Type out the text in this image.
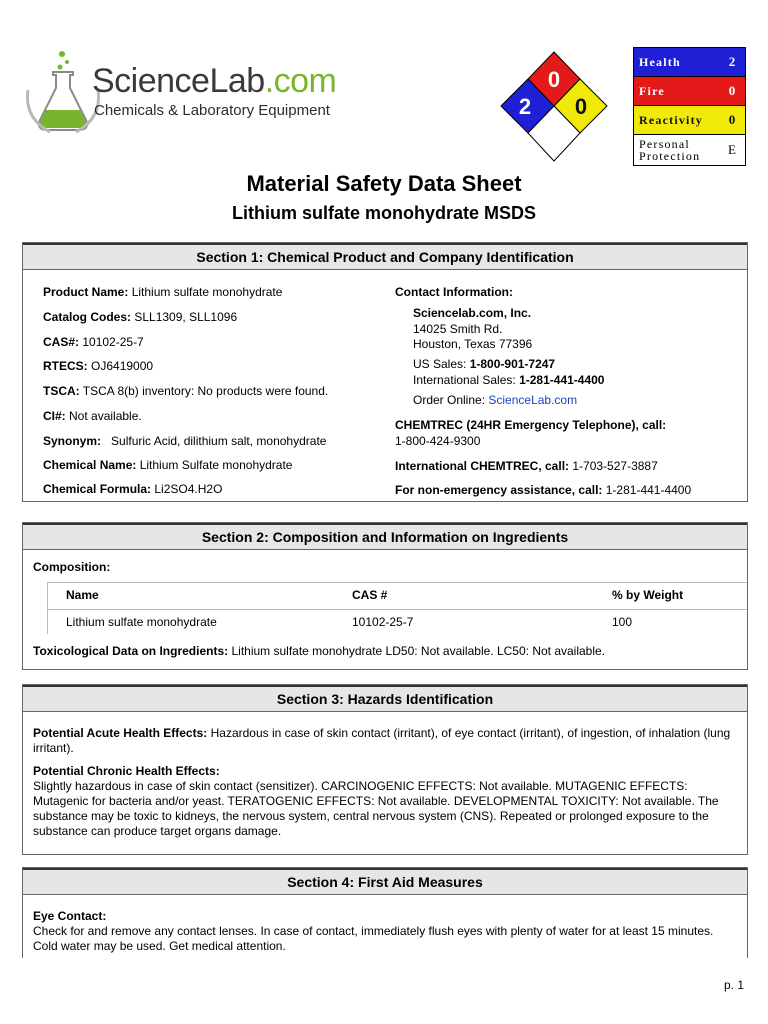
ScienceLab.com
Chemicals & Laboratory Equipment
0
2 0
Health	2
Fire	0
Reactivity	0
Personal
Protection	E
Material Safety Data Sheet
Lithium sulfate monohydrate MSDS
Section 1: Chemical Product and Company Identification
Product Name: Lithium sulfate monohydrate
Catalog Codes: SLL1309, SLL1096
CAS#: 10102-25-7
RTECS: OJ6419000
TSCA: TSCA 8(b) inventory: No products were found.
CI#: Not available.
Synonym:   Sulfuric Acid, dilithium salt, monohydrate
Chemical Name: Lithium Sulfate monohydrate
Chemical Formula: Li2SO4.H2O
Contact Information:
Sciencelab.com, Inc.
14025 Smith Rd.
Houston, Texas 77396
US Sales: 1-800-901-7247
International Sales: 1-281-441-4400
Order Online: ScienceLab.com
CHEMTREC (24HR Emergency Telephone), call:
1-800-424-9300
International CHEMTREC, call: 1-703-527-3887
For non-emergency assistance, call: 1-281-441-4400
Section 2: Composition and Information on Ingredients
Composition:
Name	CAS #	% by Weight
Lithium sulfate monohydrate	10102-25-7	100
Toxicological Data on Ingredients: Lithium sulfate monohydrate LD50: Not available. LC50: Not available.
Section 3: Hazards Identification
Potential Acute Health Effects: Hazardous in case of skin contact (irritant), of eye contact (irritant), of ingestion, of inhalation (lung irritant).
Potential Chronic Health Effects:
Slightly hazardous in case of skin contact (sensitizer). CARCINOGENIC EFFECTS: Not available. MUTAGENIC EFFECTS: Mutagenic for bacteria and/or yeast. TERATOGENIC EFFECTS: Not available. DEVELOPMENTAL TOXICITY: Not available. The substance may be toxic to kidneys, the nervous system, central nervous system (CNS). Repeated or prolonged exposure to the substance can produce target organs damage.
Section 4: First Aid Measures
Eye Contact:
Check for and remove any contact lenses. In case of contact, immediately flush eyes with plenty of water for at least 15 minutes. Cold water may be used. Get medical attention.
p. 1
